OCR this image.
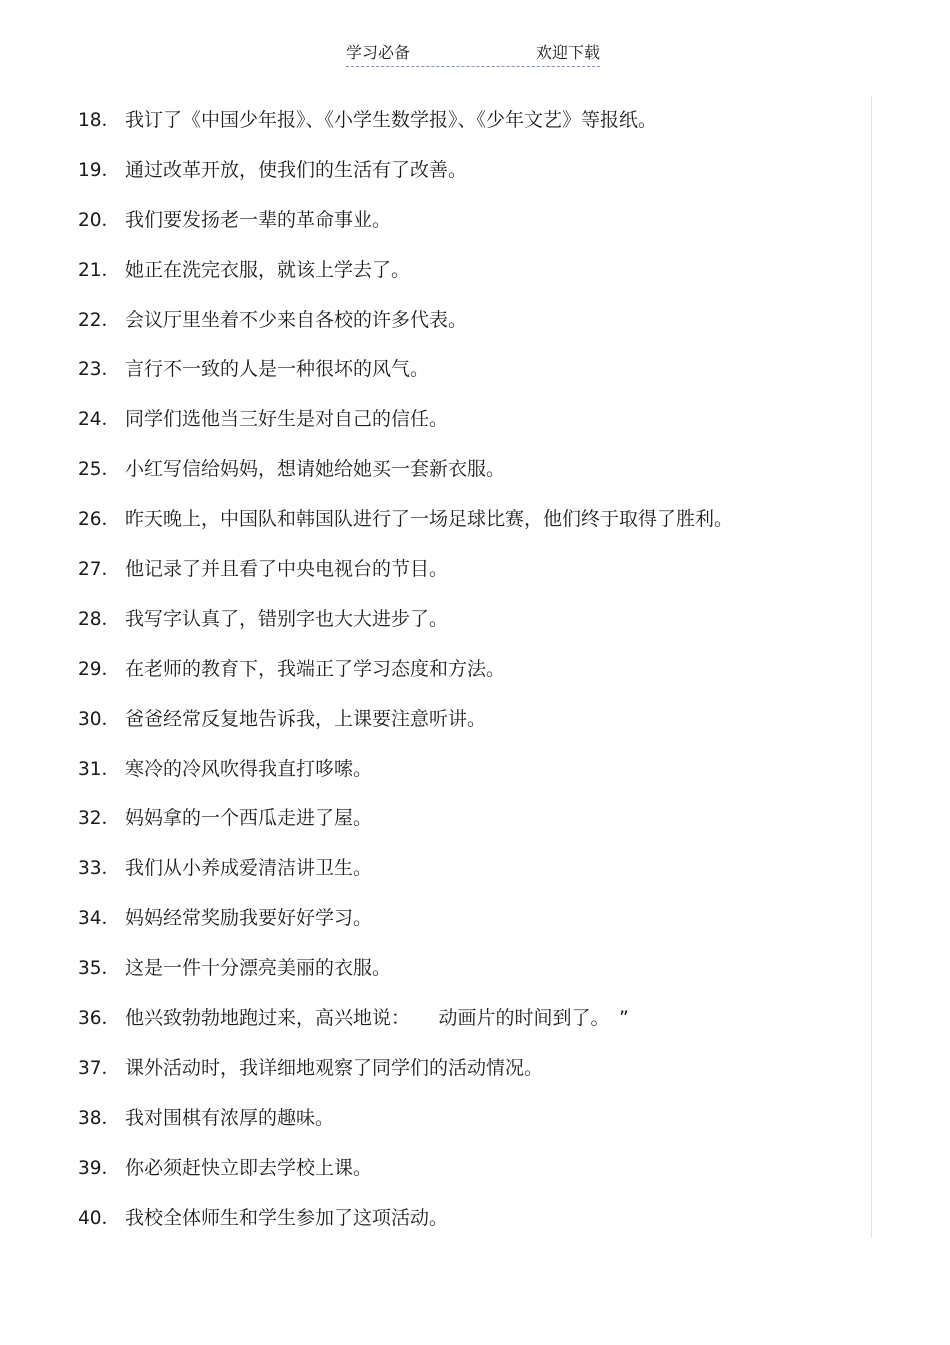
学习必备	欢迎下载
18． 我订了《中国少年报》、《小学生数学报》、《少年文艺》等报纸。
19． 通过改革开放，使我们的生活有了改善。
20． 我们要发扬老一辈的革命事业。
21． 她正在洗完衣服，就该上学去了。
22． 会议厅里坐着不少来自各校的许多代表。
23． 言行不一致的人是一种很坏的风气。
24． 同学们选他当三好生是对自己的信任。
25． 小红写信给妈妈，想请她给她买一套新衣服。
26． 昨天晚上，中国队和韩国队进行了一场足球比赛，他们终于取得了胜利。
27． 他记录了并且看了中央电视台的节目。
28． 我写字认真了，错别字也大大进步了。
29． 在老师的教育下，我端正了学习态度和方法。
30． 爸爸经常反复地告诉我，上课要注意听讲。
31． 寒冷的冷风吹得我直打哆嗦。
32． 妈妈拿的一个西瓜走进了屋。
33． 我们从小养成爱清洁讲卫生。
34． 妈妈经常奖励我要好好学习。
35． 这是一件十分漂亮美丽的衣服。
36． 他兴致勃勃地跑过来，高兴地说：　　动画片的时间到了。　”
37． 课外活动时，我详细地观察了同学们的活动情况。
38． 我对围棋有浓厚的趣味。
39． 你必须赶快立即去学校上课。
40． 我校全体师生和学生参加了这项活动。
